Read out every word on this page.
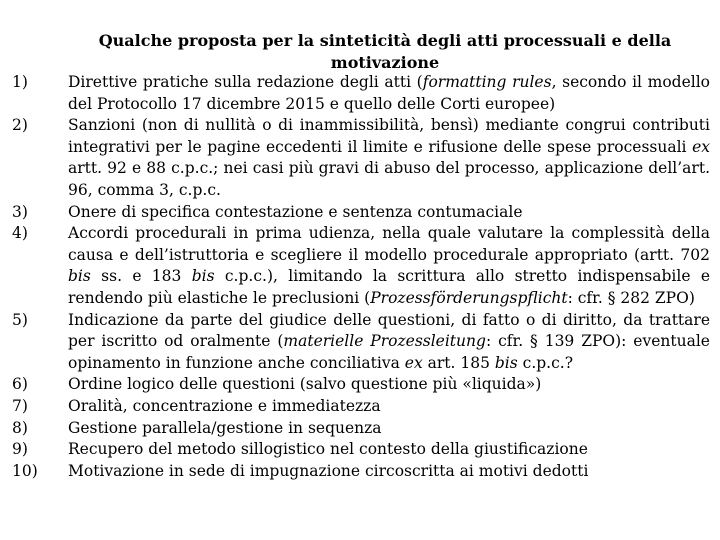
Qualche proposta per la sinteticità degli atti processuali e della motivazione
1)	Direttive pratiche sulla redazione degli atti (formatting rules, secondo il modello del Protocollo 17 dicembre 2015 e quello delle Corti europee)
2)	Sanzioni (non di nullità o di inammissibilità, bensì) mediante congrui contributi integrativi per le pagine eccedenti il limite e rifusione delle spese processuali ex artt. 92 e 88 c.p.c.; nei casi più gravi di abuso del processo, applicazione dell’art. 96, comma 3, c.p.c.
3)	Onere di specifica contestazione e sentenza contumaciale
4)	Accordi procedurali in prima udienza, nella quale valutare la complessità della causa e dell’istruttoria e scegliere il modello procedurale appropriato (artt. 702 bis ss. e 183 bis c.p.c.), limitando la scrittura allo stretto indispensabile e rendendo più elastiche le preclusioni (Prozessförderungspflicht: cfr. § 282 ZPO)
5)	Indicazione da parte del giudice delle questioni, di fatto o di diritto, da trattare per iscritto od oralmente (materielle Prozessleitung: cfr. § 139 ZPO): eventuale opinamento in funzione anche conciliativa ex art. 185 bis c.p.c.?
6)	Ordine logico delle questioni (salvo questione più «liquida»)
7)	Oralità, concentrazione e immediatezza
8)	Gestione parallela/gestione in sequenza
9)	Recupero del metodo sillogistico nel contesto della giustificazione
10)	Motivazione in sede di impugnazione circoscritta ai motivi dedotti
